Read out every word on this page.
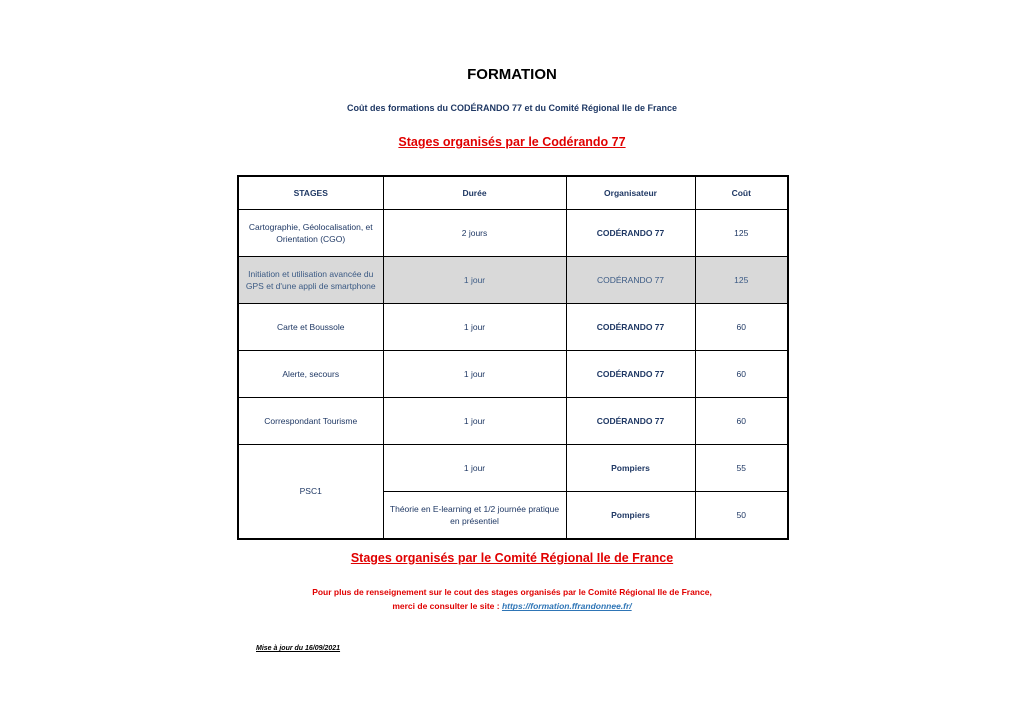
FORMATION
Coût des formations du CODÉRANDO 77 et du Comité Régional Ile de France
Stages organisés par le Codérando 77
STAGES	Durée	Organisateur	Coût
Cartographie, Géolocalisation, et Orientation (CGO)	2 jours	CODÉRANDO 77	125
Initiation et utilisation avancée du GPS et d'une appli de smartphone	1 jour	CODÉRANDO 77	125
Carte et Boussole	1 jour	CODÉRANDO 77	60
Alerte, secours	1 jour	CODÉRANDO 77	60
Correspondant Tourisme	1 jour	CODÉRANDO 77	60
PSC1	1 jour	Pompiers	55
	Théorie en E-learning et 1/2 journée pratique en présentiel	Pompiers	50
Stages organisés par le Comité Régional Ile de France
Pour plus de renseignement sur le cout des stages organisés par le Comité Régional Ile de France,
merci de consulter le site : https://formation.ffrandonnee.fr/
Mise à jour du 16/09/2021
